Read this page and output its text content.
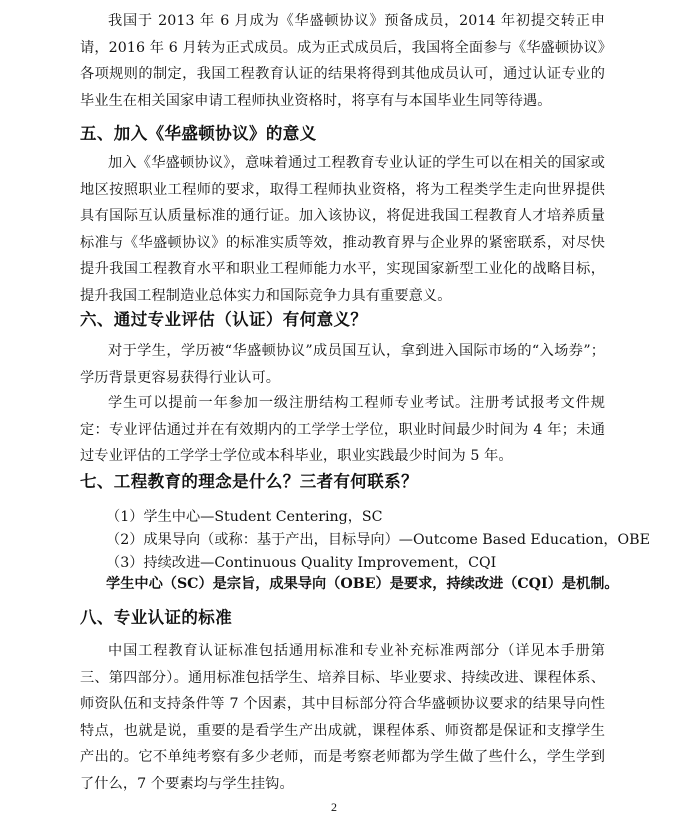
我国于 2013 年 6 月成为《华盛顿协议》预备成员，2014 年初提交转正申请，2016 年 6 月转为正式成员。成为正式成员后，我国将全面参与《华盛顿协议》各项规则的制定，我国工程教育认证的结果将得到其他成员认可，通过认证专业的毕业生在相关国家申请工程师执业资格时，将享有与本国毕业生同等待遇。

五、加入《华盛顿协议》的意义

加入《华盛顿协议》，意味着通过工程教育专业认证的学生可以在相关的国家或地区按照职业工程师的要求，取得工程师执业资格，将为工程类学生走向世界提供具有国际互认质量标准的通行证。加入该协议，将促进我国工程教育人才培养质量标准与《华盛顿协议》的标准实质等效，推动教育界与企业界的紧密联系，对尽快提升我国工程教育水平和职业工程师能力水平，实现国家新型工业化的战略目标，提升我国工程制造业总体实力和国际竞争力具有重要意义。

六、通过专业评估（认证）有何意义？

对于学生，学历被“华盛顿协议”成员国互认，拿到进入国际市场的“入场券”；学历背景更容易获得行业认可。

学生可以提前一年参加一级注册结构工程师专业考试。注册考试报考文件规定：专业评估通过并在有效期内的工学学士学位，职业时间最少时间为 4 年；未通过专业评估的工学学士学位或本科毕业，职业实践最少时间为 5 年。

七、工程教育的理念是什么？三者有何联系？

（1）学生中心—Student Centering，SC

（2）成果导向（或称：基于产出，目标导向）—Outcome Based Education，OBE

（3）持续改进—Continuous Quality Improvement，CQI

学生中心（SC）是宗旨，成果导向（OBE）是要求，持续改进（CQI）是机制。

八、专业认证的标准

中国工程教育认证标准包括通用标准和专业补充标准两部分（详见本手册第三、第四部分）。通用标准包括学生、培养目标、毕业要求、持续改进、课程体系、师资队伍和支持条件等 7 个因素，其中目标部分符合华盛顿协议要求的结果导向性特点，也就是说，重要的是看学生产出成就，课程体系、师资都是保证和支撑学生产出的。它不单纯考察有多少老师，而是考察老师都为学生做了些什么，学生学到了什么，7 个要素均与学生挂钩。

2
